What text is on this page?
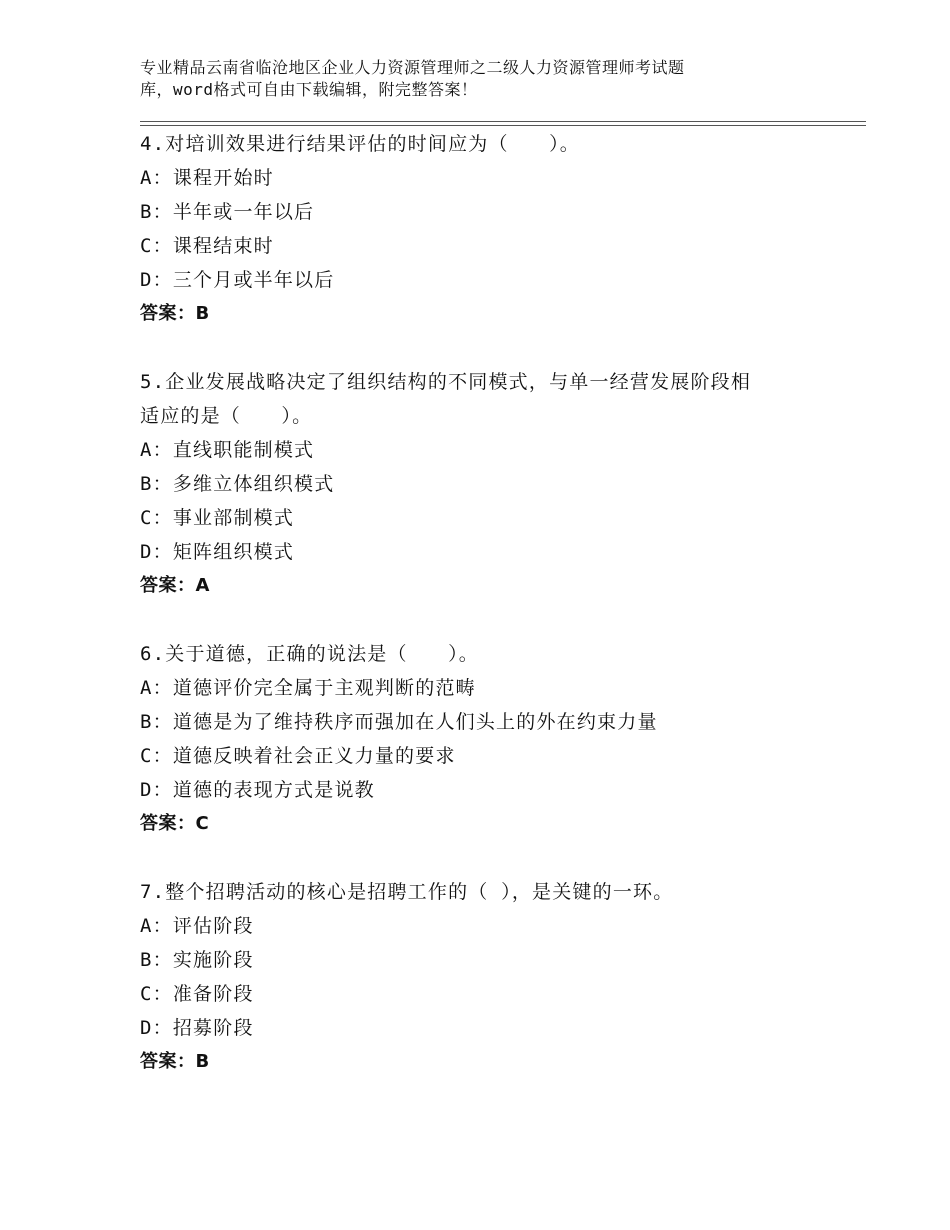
专业精品云南省临沧地区企业人力资源管理师之二级人力资源管理师考试题
库，word格式可自由下载编辑，附完整答案！
4.对培训效果进行结果评估的时间应为（　　）。
A：课程开始时
B：半年或一年以后
C：课程结束时
D：三个月或半年以后
答案：B
5.企业发展战略决定了组织结构的不同模式，与单一经营发展阶段相
适应的是（　　）。
A：直线职能制模式
B：多维立体组织模式
C：事业部制模式
D：矩阵组织模式
答案：A
6.关于道德，正确的说法是（　　）。
A：道德评价完全属于主观判断的范畴
B：道德是为了维持秩序而强加在人们头上的外在约束力量
C：道德反映着社会正义力量的要求
D：道德的表现方式是说教
答案：C
7.整个招聘活动的核心是招聘工作的（ ），是关键的一环。
A：评估阶段
B：实施阶段
C：准备阶段
D：招募阶段
答案：B
